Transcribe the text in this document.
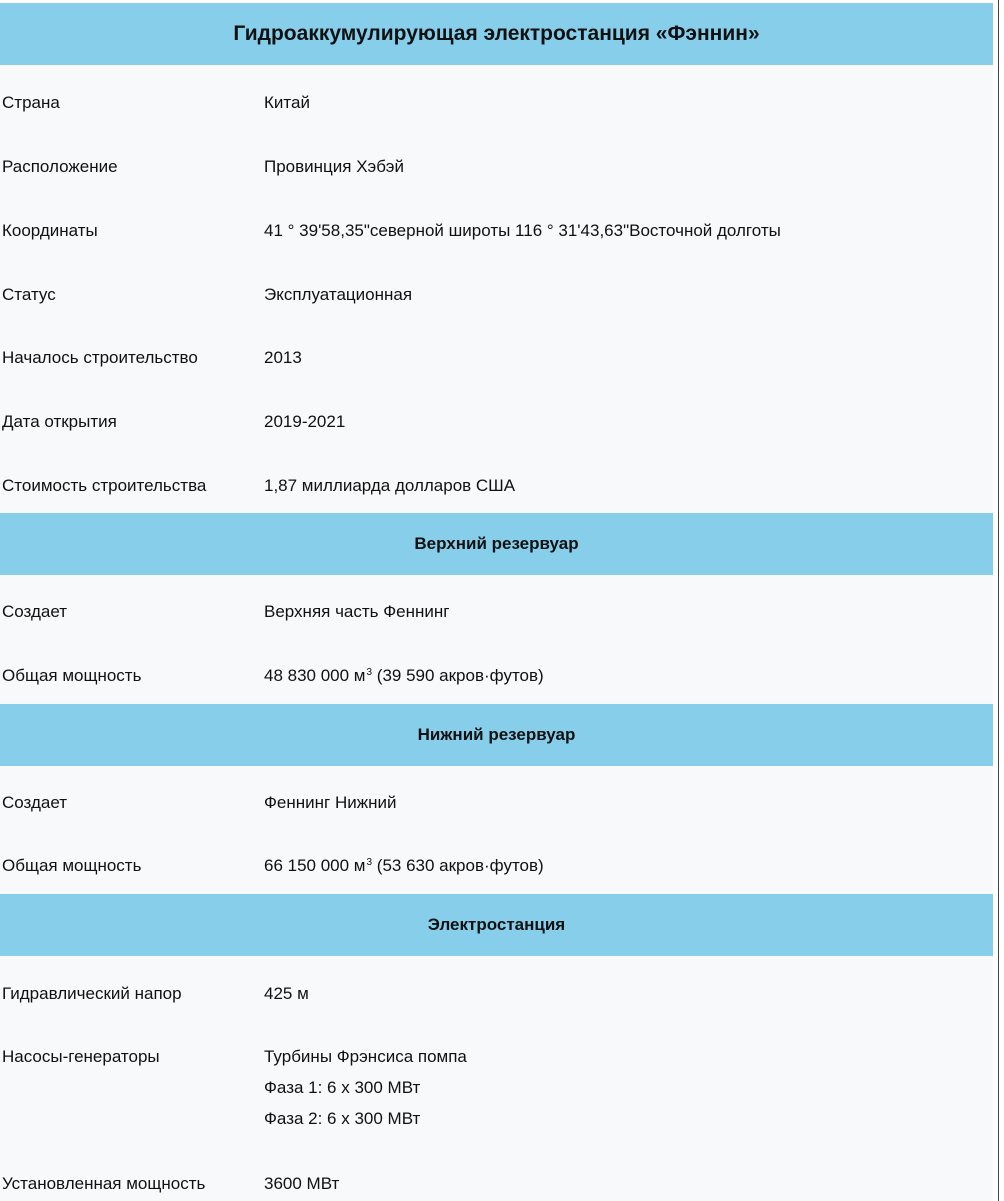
Гидроаккумулирующая электростанция «Фэннин»
Страна	Китай
Расположение	Провинция Хэбэй
Координаты	41 ° 39'58,35"северной широты 116 ° 31'43,63"Восточной долготы
Статус	Эксплуатационная
Началось строительство	2013
Дата открытия	2019-2021
Стоимость строительства	1,87 миллиарда долларов США
Верхний резервуар
Создает	Верхняя часть Феннинг
Общая мощность	48 830 000 $м^3$ (39 590 акров·футов)
Нижний резервуар
Создает	Феннинг Нижний
Общая мощность	66 150 000 $м^3$ (53 630 акров·футов)
Электростанция
Гидравлический напор	425 м
Насосы-генераторы	Турбины Фрэнсиса помпа
Фаза 1: 6 х 300 МВт
Фаза 2: 6 х 300 МВт
Установленная мощность	3600 МВт
